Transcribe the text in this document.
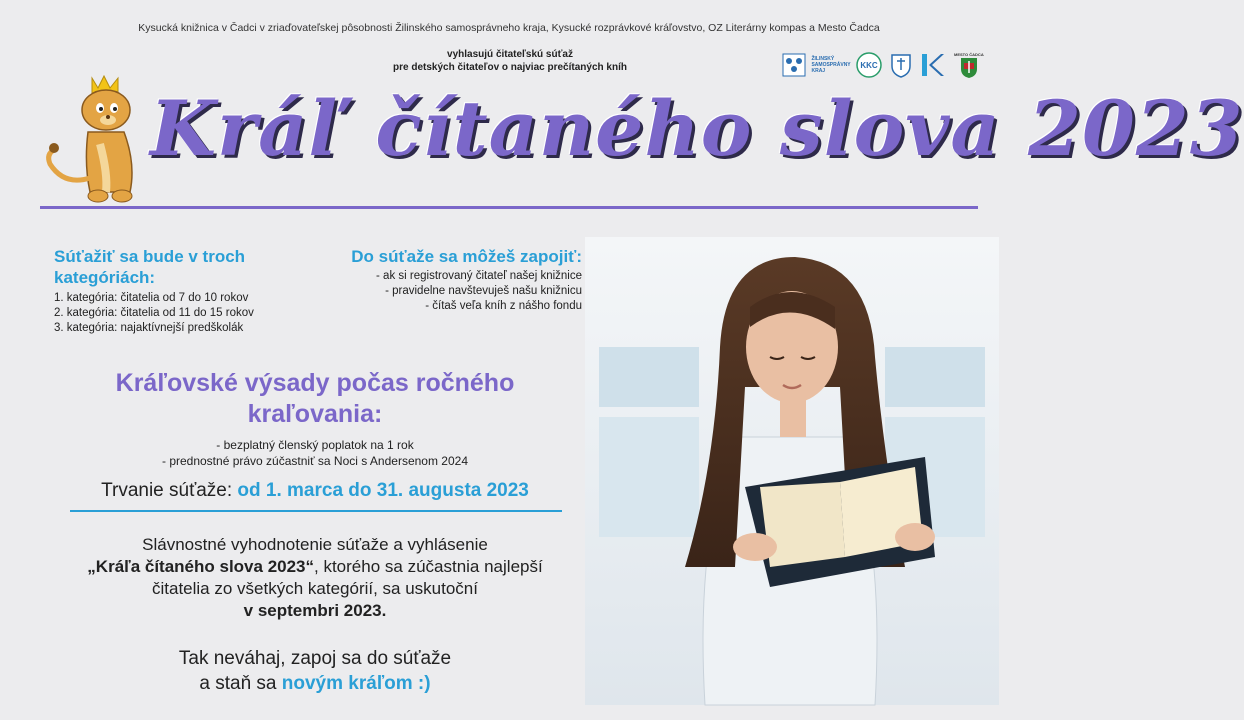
Kysucká knižnica v Čadci v zriaďovateľskej pôsobnosti Žilinského samosprávneho kraja, Kysucké rozprávkové kráľovstvo, OZ Literárny kompas a Mesto Čadca
vyhlasujú čitateľskú súťaž
pre detských čitateľov o najviac prečítaných kníh
ŽILINSKÝ SAMOSPRÁVNY KRAJ
KKC
MESTO ČADCA
Kráľ čítaného slova 2023
Súťažiť sa bude v troch kategóriách:
1. kategória: čitatelia od 7 do 10 rokov
2. kategória: čitatelia od 11 do 15 rokov
3. kategória: najaktívnejší predškolák
Do súťaže sa môžeš zapojiť:
- ak si registrovaný čitateľ našej knižnice
- pravidelne navštevuješ našu knižnicu
- čítaš veľa kníh z nášho fondu
Kráľovské výsady počas ročného
kraľovania:
- bezplatný členský poplatok na 1 rok
- prednostné právo zúčastniť sa Noci s Andersenom 2024
Trvanie súťaže: od 1. marca do 31. augusta 2023
Slávnostné vyhodnotenie súťaže a vyhlásenie
„Kráľa čítaného slova 2023“, ktorého sa zúčastnia najlepší
čitatelia zo všetkých kategórií, sa uskutoční
v septembri 2023.
Tak neváhaj, zapoj sa do súťaže
a staň sa novým kráľom :)
